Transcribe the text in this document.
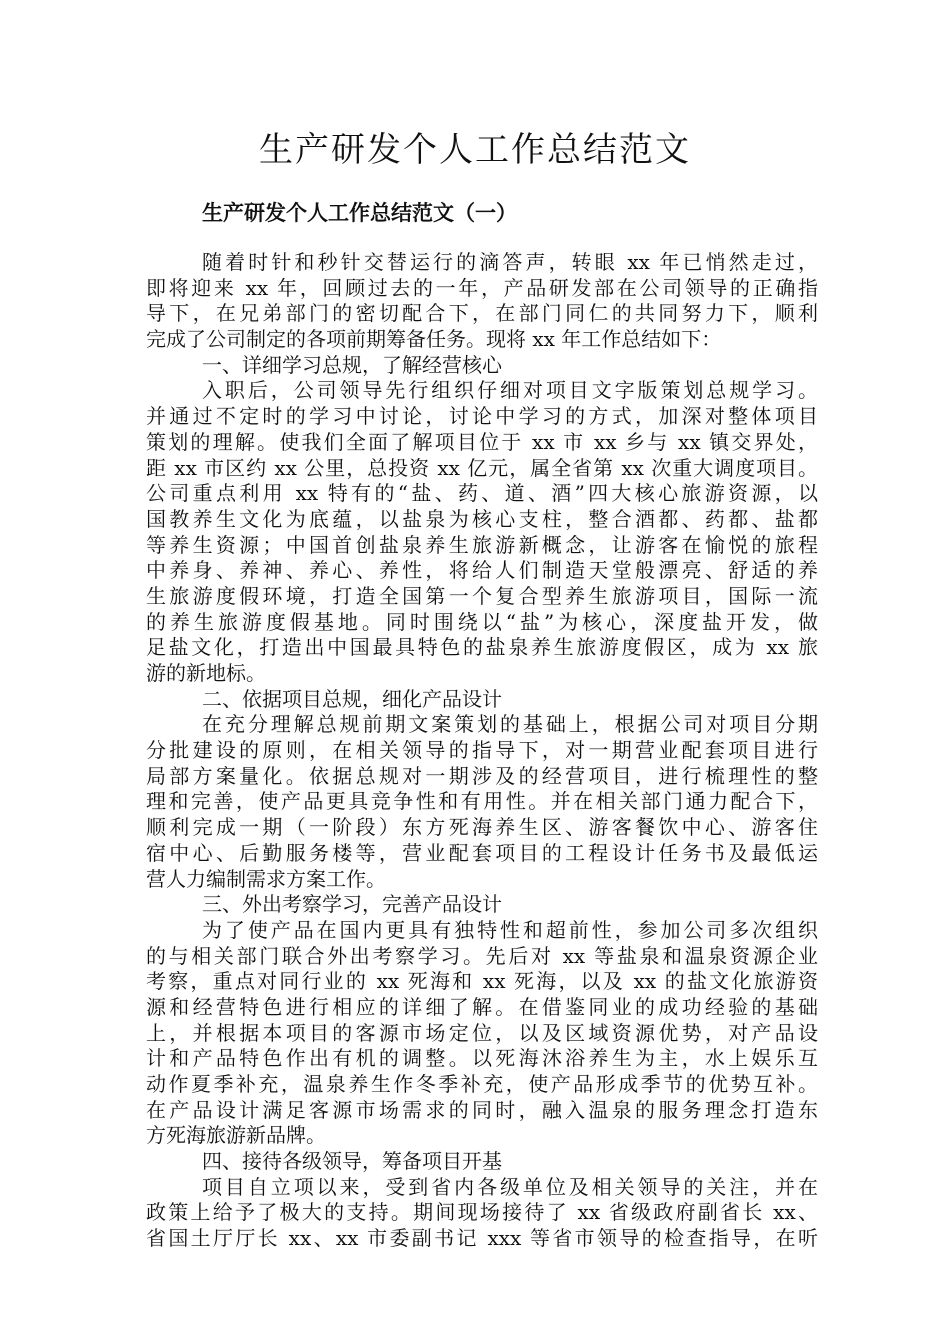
生产研发个人工作总结范文
生产研发个人工作总结范文（一）
随着时针和秒针交替运行的滴答声，转眼 xx 年已悄然走过，
即将迎来 xx 年，回顾过去的一年，产品研发部在公司领导的正确指
导下，在兄弟部门的密切配合下，在部门同仁的共同努力下，顺利
完成了公司制定的各项前期筹备任务。现将 xx 年工作总结如下：
一、详细学习总规，了解经营核心
入职后，公司领导先行组织仔细对项目文字版策划总规学习。
并通过不定时的学习中讨论，讨论中学习的方式，加深对整体项目
策划的理解。使我们全面了解项目位于 xx 市 xx 乡与 xx 镇交界处，
距 xx 市区约 xx 公里，总投资 xx 亿元，属全省第 xx 次重大调度项目。
公司重点利用 xx 特有的“盐、药、道、酒”四大核心旅游资源，以
国教养生文化为底蕴，以盐泉为核心支柱，整合酒都、药都、盐都
等养生资源；中国首创盐泉养生旅游新概念，让游客在愉悦的旅程
中养身、养神、养心、养性，将给人们制造天堂般漂亮、舒适的养
生旅游度假环境，打造全国第一个复合型养生旅游项目，国际一流
的养生旅游度假基地。同时围绕以“盐”为核心，深度盐开发，做
足盐文化，打造出中国最具特色的盐泉养生旅游度假区，成为 xx 旅
游的新地标。
二、依据项目总规，细化产品设计
在充分理解总规前期文案策划的基础上，根据公司对项目分期
分批建设的原则，在相关领导的指导下，对一期营业配套项目进行
局部方案量化。依据总规对一期涉及的经营项目，进行梳理性的整
理和完善，使产品更具竞争性和有用性。并在相关部门通力配合下，
顺利完成一期（一阶段）东方死海养生区、游客餐饮中心、游客住
宿中心、后勤服务楼等，营业配套项目的工程设计任务书及最低运
营人力编制需求方案工作。
三、外出考察学习，完善产品设计
为了使产品在国内更具有独特性和超前性，参加公司多次组织
的与相关部门联合外出考察学习。先后对 xx 等盐泉和温泉资源企业
考察，重点对同行业的 xx 死海和 xx 死海，以及 xx 的盐文化旅游资
源和经营特色进行相应的详细了解。在借鉴同业的成功经验的基础
上，并根据本项目的客源市场定位，以及区域资源优势，对产品设
计和产品特色作出有机的调整。以死海沐浴养生为主，水上娱乐互
动作夏季补充，温泉养生作冬季补充，使产品形成季节的优势互补。
在产品设计满足客源市场需求的同时，融入温泉的服务理念打造东
方死海旅游新品牌。
四、接待各级领导，筹备项目开基
项目自立项以来，受到省内各级单位及相关领导的关注，并在
政策上给予了极大的支持。期间现场接待了 xx 省级政府副省长 xx、
省国土厅厅长 xx、xx 市委副书记 xxx 等省市领导的检查指导，在听
